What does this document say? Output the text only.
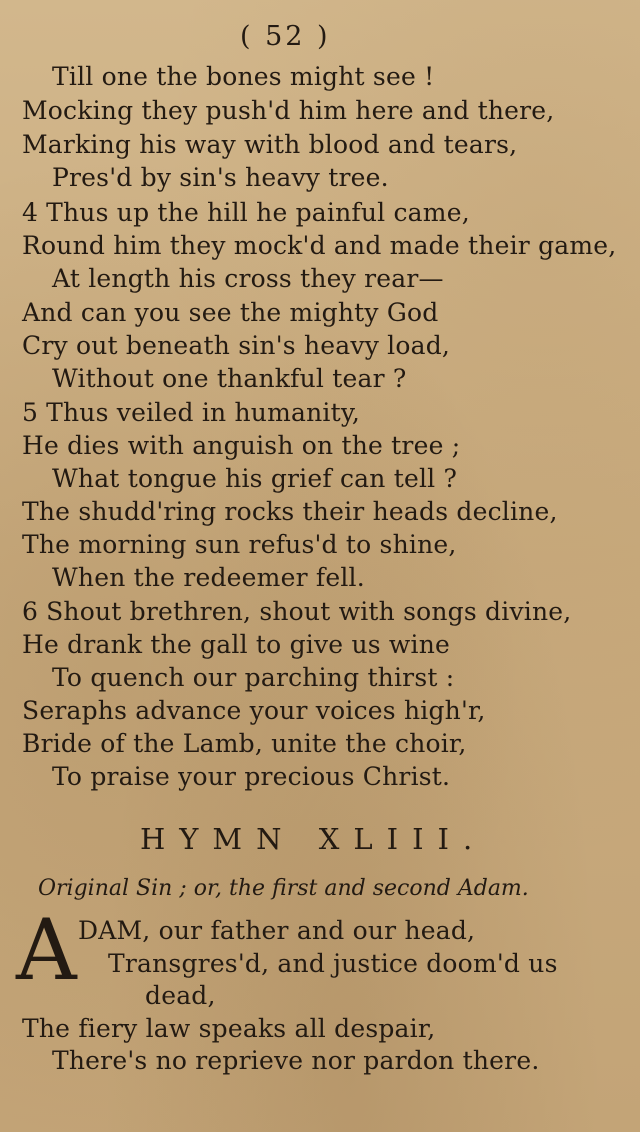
( 52 )
Till one the bones might see !
Mocking they push'd him here and there,
Marking his way with blood and tears,
Pres'd by sin's heavy tree.
4 Thus up the hill he painful came,
Round him they mock'd and made their game,
At length his cross they rear—
And can you see the mighty God
Cry out beneath sin's heavy load,
Without one thankful tear ?
5 Thus veiled in humanity,
He dies with anguish on the tree ;
What tongue his grief can tell ?
The shudd'ring rocks their heads decline,
The morning sun refus'd to shine,
When the redeemer fell.
6 Shout brethren, shout with songs divine,
He drank the gall to give us wine
To quench our parching thirst :
Seraphs advance your voices high'r,
Bride of the Lamb, unite the choir,
To praise your precious Christ.
HYMN XLIII.
Original Sin ; or, the first and second Adam.
A DAM, our father and our head,
Transgres'd, and justice doom'd us
dead,
The fiery law speaks all despair,
There's no reprieve nor pardon there.
